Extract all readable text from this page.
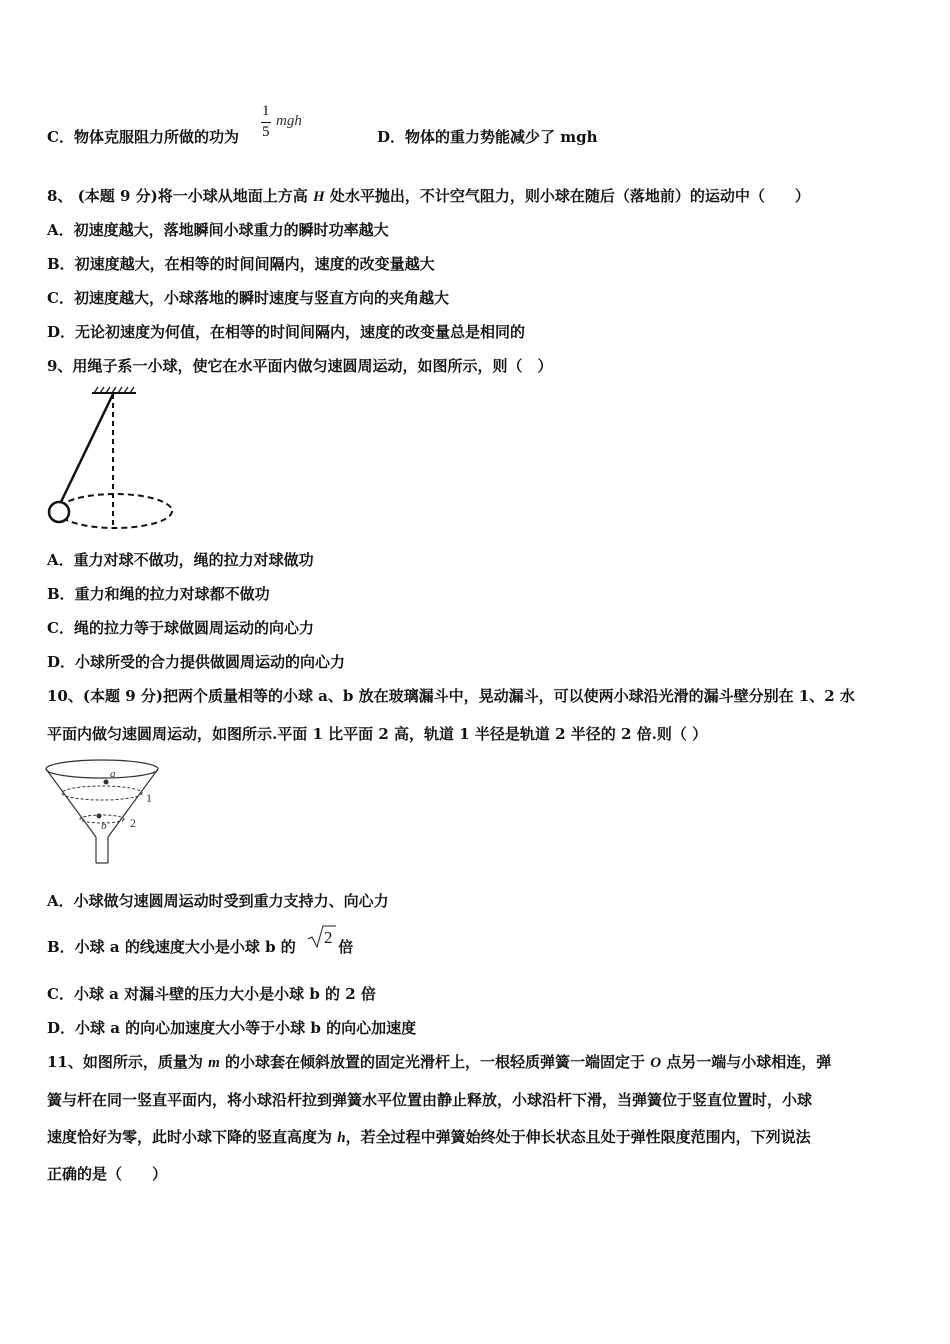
C．物体克服阻力所做的功为
1
5
mgh
D．物体的重力势能减少了 mgh
8、 (本题 9 分)将一小球从地面上方高 H 处水平抛出，不计空气阻力，则小球在随后（落地前）的运动中（　　）
A．初速度越大，落地瞬间小球重力的瞬时功率越大
B．初速度越大，在相等的时间间隔内，速度的改变量越大
C．初速度越大，小球落地的瞬时速度与竖直方向的夹角越大
D．无论初速度为何值，在相等的时间间隔内，速度的改变量总是相同的
9、用绳子系一小球，使它在水平面内做匀速圆周运动，如图所示，则（　）
A．重力对球不做功，绳的拉力对球做功
B．重力和绳的拉力对球都不做功
C．绳的拉力等于球做圆周运动的向心力
D．小球所受的合力提供做圆周运动的向心力
10、(本题 9 分)把两个质量相等的小球 a、b 放在玻璃漏斗中，晃动漏斗，可以使两小球沿光滑的漏斗壁分别在 1、2 水
平面内做匀速圆周运动，如图所示.平面 1 比平面 2 高，轨道 1 半径是轨道 2 半径的 2 倍.则（ ）
a
b
1
2
A．小球做匀速圆周运动时受到重力支持力、向心力
B．小球 a 的线速度大小是小球 b 的	倍
2
C．小球 a 对漏斗壁的压力大小是小球 b 的 2 倍
D．小球 a 的向心加速度大小等于小球 b 的向心加速度
11、如图所示，质量为 m 的小球套在倾斜放置的固定光滑杆上，一根轻质弹簧一端固定于 O 点另一端与小球相连，弹
簧与杆在同一竖直平面内，将小球沿杆拉到弹簧水平位置由静止释放，小球沿杆下滑，当弹簧位于竖直位置时，小球
速度恰好为零，此时小球下降的竖直高度为 h，若全过程中弹簧始终处于伸长状态且处于弹性限度范围内，下列说法
正确的是（　　）
